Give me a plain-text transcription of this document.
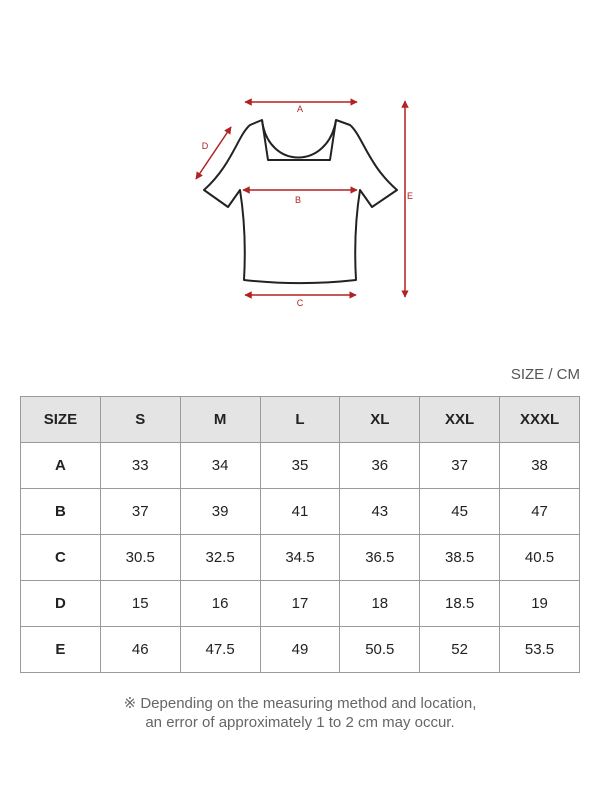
A
B
C
D
E
SIZE / CM
SIZE	S	M	L	XL	XXL	XXXL
A	33	34	35	36	37	38
B	37	39	41	43	45	47
C	30.5	32.5	34.5	36.5	38.5	40.5
D	15	16	17	18	18.5	19
E	46	47.5	49	50.5	52	53.5
※ Depending on the measuring method and location,
an error of approximately 1 to 2 cm may occur.
